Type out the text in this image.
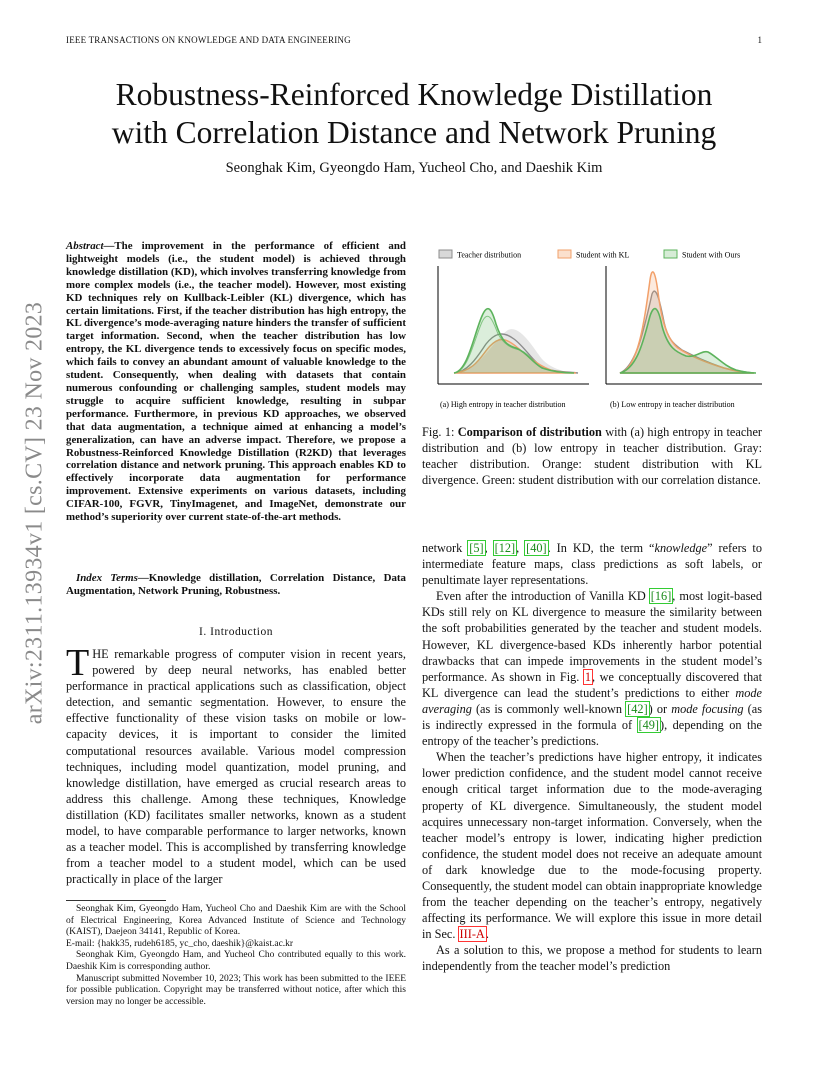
IEEE TRANSACTIONS ON KNOWLEDGE AND DATA ENGINEERING	1
Robustness-Reinforced Knowledge Distillation
with Correlation Distance and Network Pruning
Seonghak Kim, Gyeongdo Ham, Yucheol Cho, and Daeshik Kim
arXiv:2311.13934v1 [cs.CV] 23 Nov 2023
Abstract—The improvement in the performance of efficient and lightweight models (i.e., the student model) is achieved through knowledge distillation (KD), which involves transferring knowledge from more complex models (i.e., the teacher model). However, most existing KD techniques rely on Kullback-Leibler (KL) divergence, which has certain limitations. First, if the teacher distribution has high entropy, the KL divergence’s mode-averaging nature hinders the transfer of sufficient target information. Second, when the teacher distribution has low entropy, the KL divergence tends to excessively focus on specific modes, which fails to convey an abundant amount of valuable knowledge to the student. Consequently, when dealing with datasets that contain numerous confounding or challenging samples, student models may struggle to acquire sufficient knowledge, resulting in subpar performance. Furthermore, in previous KD approaches, we observed that data augmentation, a technique aimed at enhancing a model’s generalization, can have an adverse impact. Therefore, we propose a Robustness-Reinforced Knowledge Distillation (R2KD) that leverages correlation distance and network pruning. This approach enables KD to effectively incorporate data augmentation for performance improvement. Extensive experiments on various datasets, including CIFAR-100, FGVR, TinyImagenet, and ImageNet, demonstrate our method’s superiority over current state-of-the-art methods.
Index Terms—Knowledge distillation, Correlation Distance, Data Augmentation, Network Pruning, Robustness.
I. Introduction
THE remarkable progress of computer vision in recent years, powered by deep neural networks, has enabled better performance in practical applications such as classification, object detection, and semantic segmentation. However, to ensure the effective functionality of these vision tasks on mobile or low-capacity devices, it is important to consider the limited computational resources available. Various model compression techniques, including model quantization, model pruning, and knowledge distillation, have emerged as crucial research areas to address this challenge. Among these techniques, Knowledge distillation (KD) facilitates smaller networks, known as a student model, to have comparable performance to larger networks, known as a teacher model. This is accomplished by transferring knowledge from a teacher model to a student model, which can be used practically in place of the larger

Seonghak Kim, Gyeongdo Ham, Yucheol Cho and Daeshik Kim are with the School of Electrical Engineering, Korea Advanced Institute of Science and Technology (KAIST), Daejeon 34141, Republic of Korea.

E-mail: {hakk35, rudeh6185, yc_cho, daeshik}@kaist.ac.kr

Seonghak Kim, Gyeongdo Ham, and Yucheol Cho contributed equally to this work. Daeshik Kim is corresponding author.

Manuscript submitted November 10, 2023; This work has been submitted to the IEEE for possible publication. Copyright may be transferred without notice, after which this version may no longer be accessible.

Teacher distribution	Student with KL	Student with Ours
(a) High entropy in teacher distribution	(b) Low entropy in teacher distribution
Fig. 1: Comparison of distribution with (a) high entropy in teacher distribution and (b) low entropy in teacher distribution. Gray: teacher distribution. Orange: student distribution with KL divergence. Green: student distribution with our correlation distance.

network [5], [12], [40]. In KD, the term “knowledge” refers to intermediate feature maps, class predictions as soft labels, or penultimate layer representations.

Even after the introduction of Vanilla KD [16], most logit-based KDs still rely on KL divergence to measure the similarity between the soft probabilities generated by the teacher and student models. However, KL divergence-based KDs inherently harbor potential drawbacks that can impede improvements in the student model’s performance. As shown in Fig. 1, we conceptually discovered that KL divergence can lead the student’s predictions to either mode averaging (as is commonly well-known [42]) or mode focusing (as is indirectly expressed in the formula of [49]), depending on the entropy of the teacher’s predictions.

When the teacher’s predictions have higher entropy, it indicates lower prediction confidence, and the student model cannot receive enough critical target information due to the mode-averaging property of KL divergence. Simultaneously, the student model acquires unnecessary non-target information. Conversely, when the teacher model’s entropy is lower, indicating higher prediction confidence, the student model does not receive an adequate amount of dark knowledge due to the mode-focusing property. Consequently, the student model can obtain inappropriate knowledge from the teacher depending on the teacher’s entropy, negatively affecting its performance. We will explore this issue in more detail in Sec. III-A.

As a solution to this, we propose a method for students to learn independently from the teacher model’s prediction
